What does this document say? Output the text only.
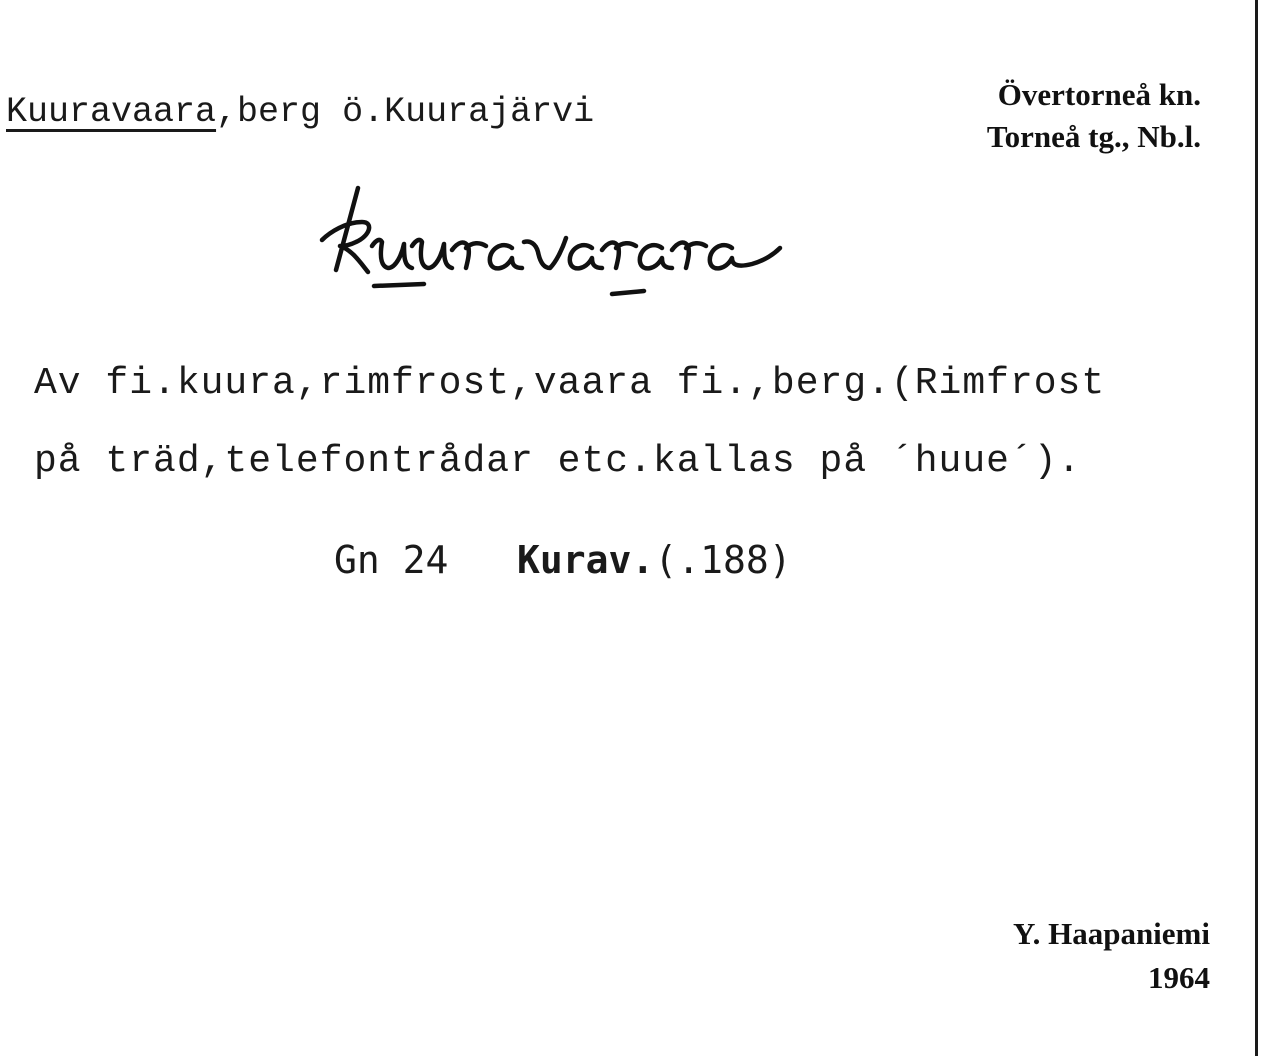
Kuuravaara,berg ö.Kuurajärvi	Övertorneå kn.
Torneå tg., Nb.l.
Av fi.kuura,rimfrost,vaara fi.,berg.(Rimfrost
på träd,telefontrådar etc.kallas på ´huue´).
Gn 24 Kurav.(.188)
Y. Haapaniemi
1964
